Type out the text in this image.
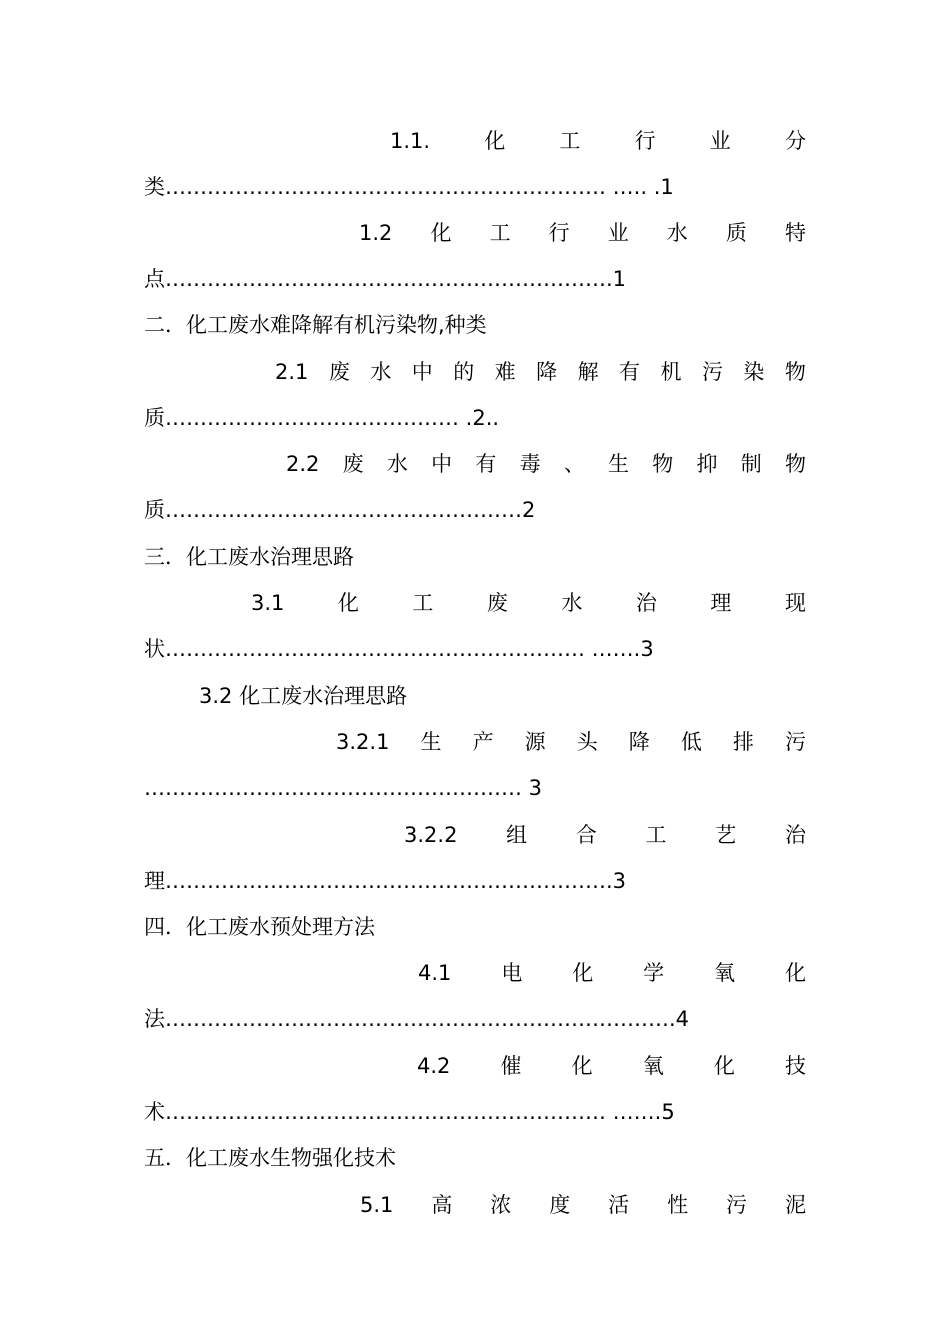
1.1.	化	工	行	业	分
类……………………………………………………… ….. .1
1.2 化 工 行 业 水 质 特
点……………………………………………………….1
二．化工废水难降解有机污染物,种类
2.1 废 水 中 的 难 降 解 有 机 污 染 物
质…………………………………… .2..
2.2 废 水 中 有 毒 、 生 物 抑 制 物
质……………………………………………2
三．化工废水治理思路
3.1	化	工	废	水	治	理	现
状…………………………………………………… …….3
3.2 化工废水治理思路
3.2.1 生 产 源 头 降 低 排 污
……………………………………………… 3
3.2.2 组 合 工 艺 治
理……………………………………………………….3
四．化工废水预处理方法
4.1 电 化 学 氧 化
法……………………………………………………………….4
4.2 催 化 氧 化 技
术……………………………………………………… …….5
五．化工废水生物强化技术
5.1 高 浓 度 活 性 污 泥
